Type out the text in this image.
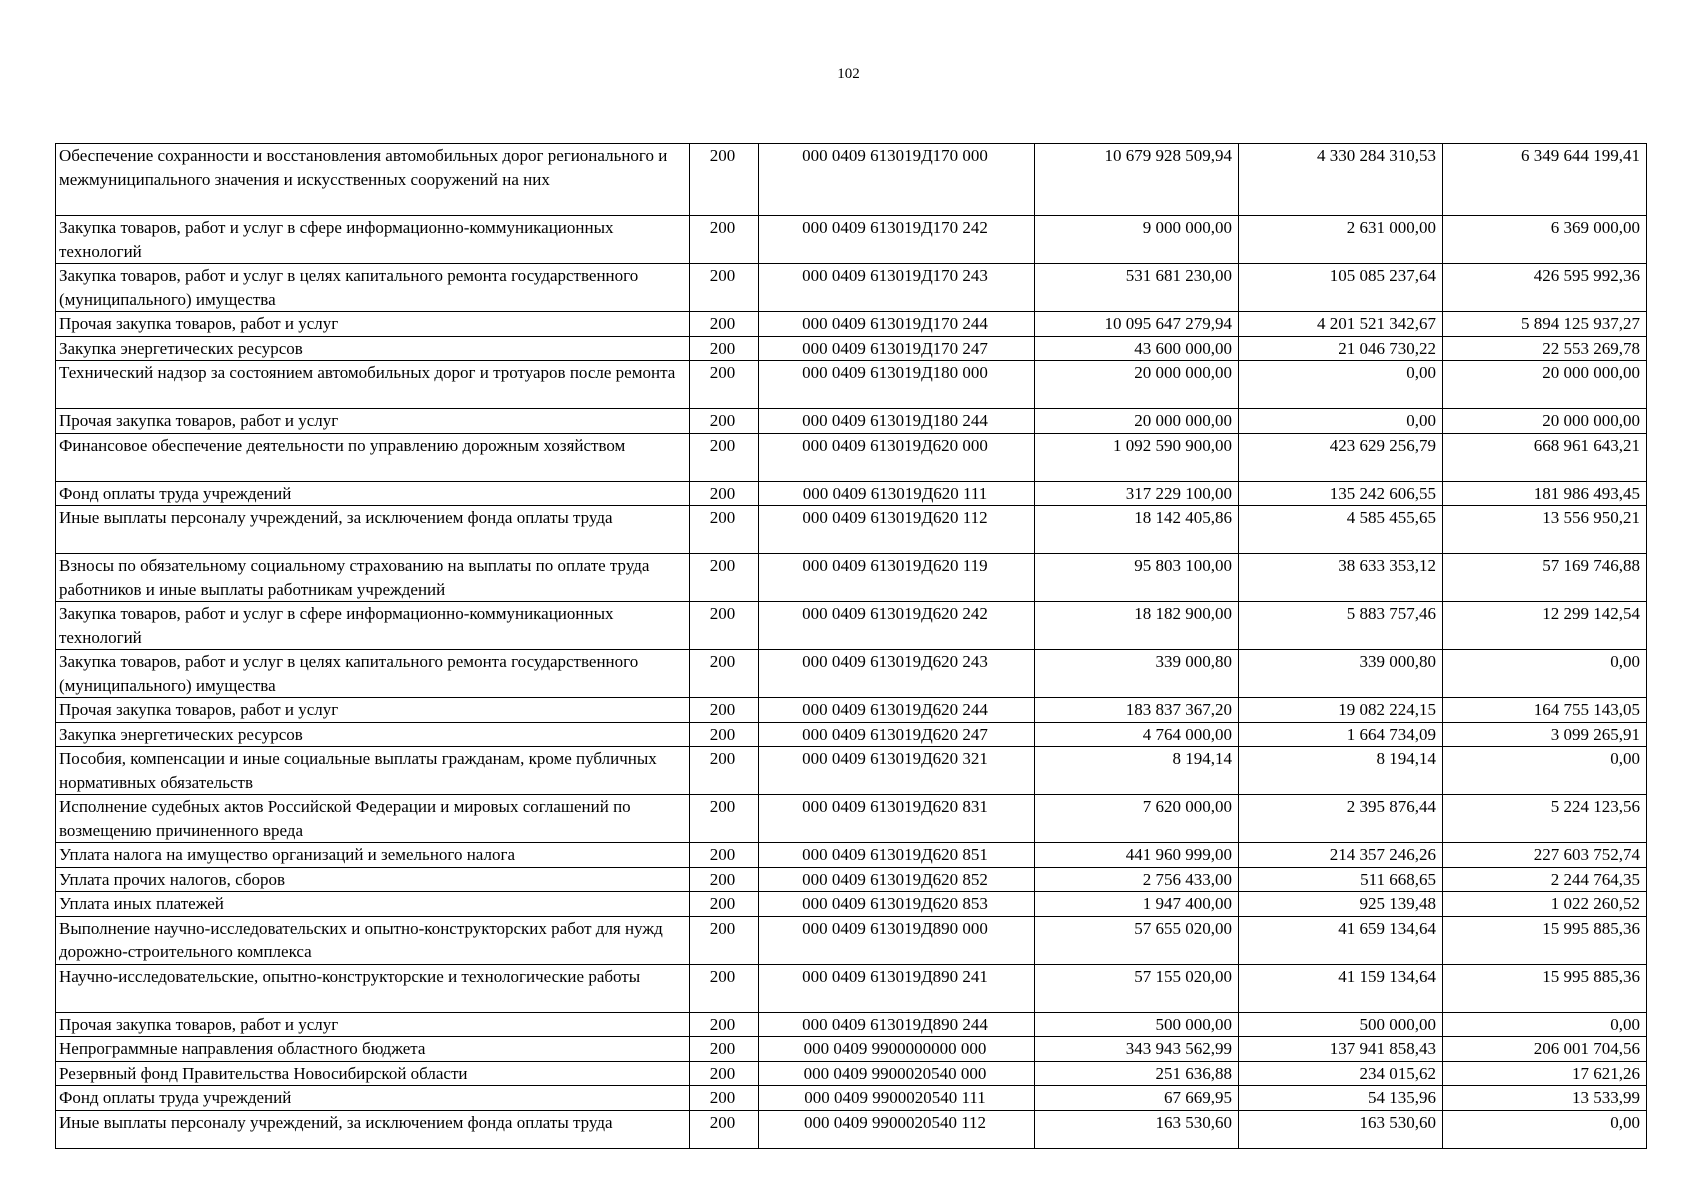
102
Обеспечение сохранности и восстановления автомобильных дорог регионального и межмуниципального значения и искусственных сооружений на них	200	000 0409 613019Д170 000	10 679 928 509,94	4 330 284 310,53	6 349 644 199,41
Закупка товаров, работ и услуг в сфере информационно-коммуникационных технологий	200	000 0409 613019Д170 242	9 000 000,00	2 631 000,00	6 369 000,00
Закупка товаров, работ и услуг в целях капитального ремонта государственного (муниципального) имущества	200	000 0409 613019Д170 243	531 681 230,00	105 085 237,64	426 595 992,36
Прочая закупка товаров, работ и услуг	200	000 0409 613019Д170 244	10 095 647 279,94	4 201 521 342,67	5 894 125 937,27
Закупка энергетических ресурсов	200	000 0409 613019Д170 247	43 600 000,00	21 046 730,22	22 553 269,78
Технический надзор за состоянием автомобильных дорог и тротуаров после ремонта	200	000 0409 613019Д180 000	20 000 000,00	0,00	20 000 000,00
Прочая закупка товаров, работ и услуг	200	000 0409 613019Д180 244	20 000 000,00	0,00	20 000 000,00
Финансовое обеспечение деятельности по управлению дорожным хозяйством	200	000 0409 613019Д620 000	1 092 590 900,00	423 629 256,79	668 961 643,21
Фонд оплаты труда учреждений	200	000 0409 613019Д620 111	317 229 100,00	135 242 606,55	181 986 493,45
Иные выплаты персоналу учреждений, за исключением фонда оплаты труда	200	000 0409 613019Д620 112	18 142 405,86	4 585 455,65	13 556 950,21
Взносы по обязательному социальному страхованию на выплаты по оплате труда работников и иные выплаты работникам учреждений	200	000 0409 613019Д620 119	95 803 100,00	38 633 353,12	57 169 746,88
Закупка товаров, работ и услуг в сфере информационно-коммуникационных технологий	200	000 0409 613019Д620 242	18 182 900,00	5 883 757,46	12 299 142,54
Закупка товаров, работ и услуг в целях капитального ремонта государственного (муниципального) имущества	200	000 0409 613019Д620 243	339 000,80	339 000,80	0,00
Прочая закупка товаров, работ и услуг	200	000 0409 613019Д620 244	183 837 367,20	19 082 224,15	164 755 143,05
Закупка энергетических ресурсов	200	000 0409 613019Д620 247	4 764 000,00	1 664 734,09	3 099 265,91
Пособия, компенсации и иные социальные выплаты гражданам, кроме публичных нормативных обязательств	200	000 0409 613019Д620 321	8 194,14	8 194,14	0,00
Исполнение судебных актов Российской Федерации и мировых соглашений по возмещению причиненного вреда	200	000 0409 613019Д620 831	7 620 000,00	2 395 876,44	5 224 123,56
Уплата налога на имущество организаций и земельного налога	200	000 0409 613019Д620 851	441 960 999,00	214 357 246,26	227 603 752,74
Уплата прочих налогов, сборов	200	000 0409 613019Д620 852	2 756 433,00	511 668,65	2 244 764,35
Уплата иных платежей	200	000 0409 613019Д620 853	1 947 400,00	925 139,48	1 022 260,52
Выполнение научно-исследовательских и опытно-конструкторских работ для нужд дорожно-строительного комплекса	200	000 0409 613019Д890 000	57 655 020,00	41 659 134,64	15 995 885,36
Научно-исследовательские, опытно-конструкторские и технологические работы	200	000 0409 613019Д890 241	57 155 020,00	41 159 134,64	15 995 885,36
Прочая закупка товаров, работ и услуг	200	000 0409 613019Д890 244	500 000,00	500 000,00	0,00
Непрограммные направления областного бюджета	200	000 0409 9900000000 000	343 943 562,99	137 941 858,43	206 001 704,56
Резервный фонд Правительства Новосибирской области	200	000 0409 9900020540 000	251 636,88	234 015,62	17 621,26
Фонд оплаты труда учреждений	200	000 0409 9900020540 111	67 669,95	54 135,96	13 533,99
Иные выплаты персоналу учреждений, за исключением фонда оплаты труда	200	000 0409 9900020540 112	163 530,60	163 530,60	0,00
